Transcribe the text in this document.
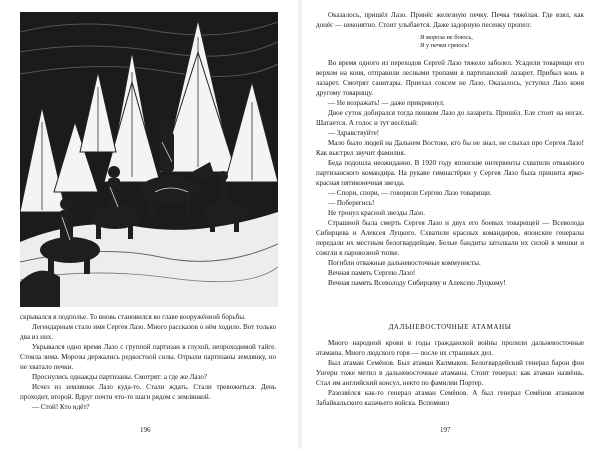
скрывался в подполье. То вновь становился во главе вооружённой борьбы.

Легендарным стало имя Сергея Лазо. Много рассказов о нём ходило. Вот только два из них.

Укрывался одно время Лазо с группой партизан в глухой, непроходимой тайге. Стояла зима. Морозы держались редкостной силы. Отрыли партизаны землянку, но не хватало печки.

Проснулись однажды партизаны. Смотрят: а где же Лазо?

Исчез из землянки Лазо куда-то. Стали ждать. Стали тревожиться. День проходит, второй. Вдруг почти что-то шаги рядом с землянкой.

— Стой! Кто идёт?

196

Оказалось, пришёл Лазо. Принёс железную печку. Печка тяжёлая. Где взял, как донёс — неконятно. Стоит улыбается. Даже задорную песенку пропел:

Я мороза не боюсь,
Я у печки греюсь!

Во время одного из переходов Сергей Лазо тяжело заболел. Усадили товарищи его верхом на коня, отправили лесными тропами в партизанский лазарет. Прибыл конь в лазарет. Смотрят санитары. Приехал совсем не Лазо. Оказалось, уступил Лазо коня другому товарищу.

— Не возражать! — даже прикрикнул.

Двое суток добирался тогда пешком Лазо до лазарета. Пришёл. Еле стоит на ногах. Шатается. А голос и тут весёлый:

— Здравствуйте!

Мало было людей на Дальнем Востоке, кто бы не знал, не слыхал про Сергея Лазо! Как выстрел звучит фамилия.

Беда подошла неожиданно. В 1920 году японские интервенты схватили отважного партизанского командира. На рукаве гимнастёрки у Сергея Лазо была пришита ярко-красная пятиконечная звезда.

— Спори, спори, — говорили Сергею Лазо товарищи.

— Поберегись!

Не тронул красной звезды Лазо.

Страшной была смерть Сергея Лазо и двух его боевых товарищей — Всеволода Сибирцева и Алексея Луцкого. Схватили красных командиров, японские генералы передали их местным белогвардейцам. Белые бандиты затолкали их силой в мешки и сожгли в паровозной топке.

Погибли отважные дальневосточные коммунисты.

Вечная память Сергею Лазо!

Вечная память Всеволоду Сибирцеву и Алексею Луцкому!

ДАЛЬНЕВОСТОЧНЫЕ АТАМАНЫ

Много народной крови в годы гражданской войны пролили дальневосточные атаманы. Много людского горя — после их страшных дел.

Был атаман Семёнов. Был атаман Калмыков. Белогвардейский генерал барон фон Унгерн тоже метил в дальневосточные атаманы. Стоит генерал: как атаман назвёшь. Стал им английский консул, некто по фамилии Портер.

Разозвёлся как-то генерал атаман Семёнов. А был генерал Семёнов атаманом Забайкальского казачьего войска. Вспомнил

197
